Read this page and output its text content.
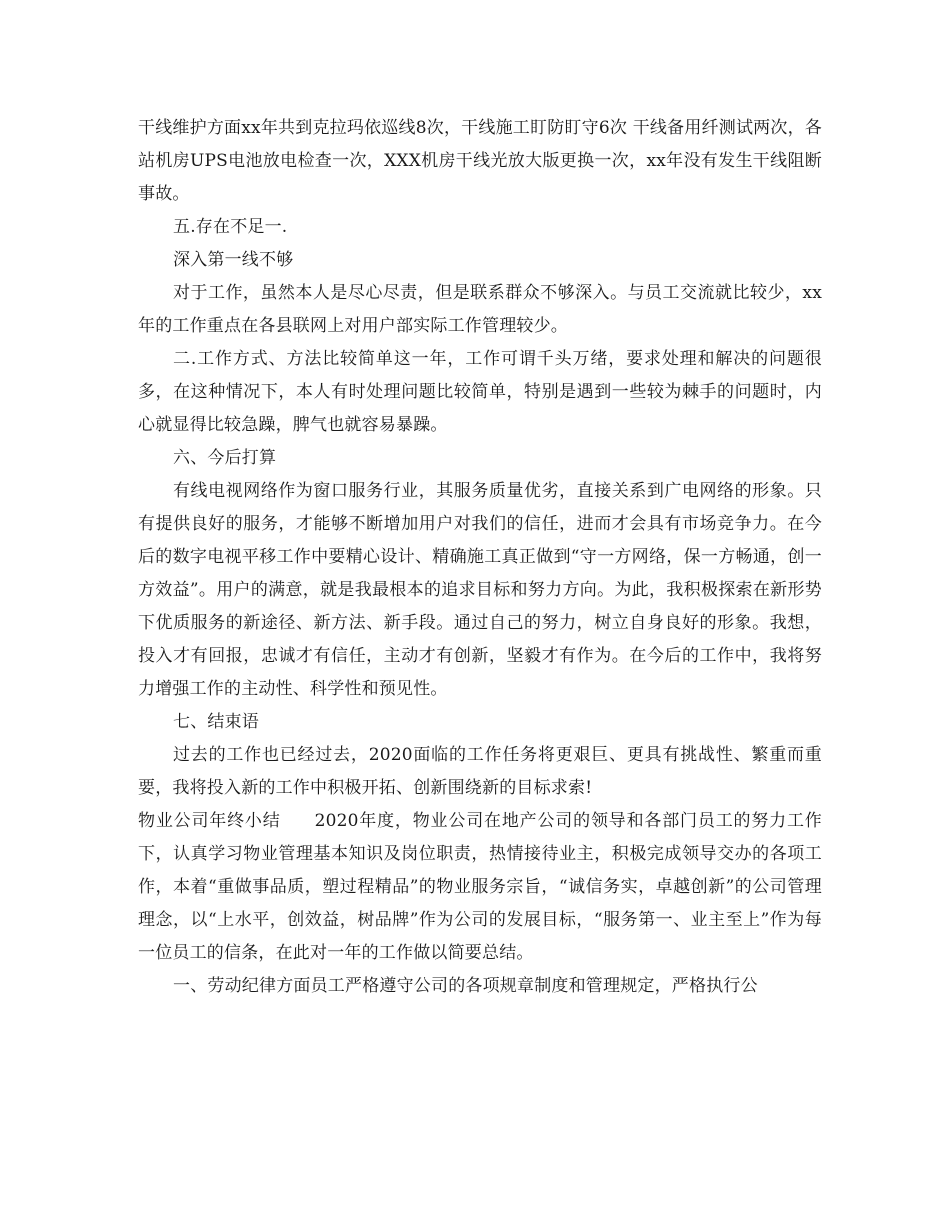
干线维护方面xx年共到克拉玛依巡线8次，干线施工盯防盯守6次 干线备用纤测试两次，各站机房UPS电池放电检查一次，XXX机房干线光放大版更换一次，xx年没有发生干线阻断事故。

五.存在不足一.

深入第一线不够

对于工作，虽然本人是尽心尽责，但是联系群众不够深入。与员工交流就比较少，xx年的工作重点在各县联网上对用户部实际工作管理较少。

二.工作方式、方法比较简单这一年，工作可谓千头万绪，要求处理和解决的问题很多，在这种情况下，本人有时处理问题比较简单，特别是遇到一些较为棘手的问题时，内心就显得比较急躁，脾气也就容易暴躁。

六、今后打算

有线电视网络作为窗口服务行业，其服务质量优劣，直接关系到广电网络的形象。只有提供良好的服务，才能够不断增加用户对我们的信任，进而才会具有市场竞争力。在今后的数字电视平移工作中要精心设计、精确施工真正做到“守一方网络，保一方畅通，创一方效益”。用户的满意，就是我最根本的追求目标和努力方向。为此，我积极探索在新形势下优质服务的新途径、新方法、新手段。通过自己的努力，树立自身良好的形象。我想，投入才有回报，忠诚才有信任，主动才有创新，坚毅才有作为。在今后的工作中，我将努力增强工作的主动性、科学性和预见性。

七、结束语

过去的工作也已经过去，2020面临的工作任务将更艰巨、更具有挑战性、繁重而重要，我将投入新的工作中积极开拓、创新围绕新的目标求索!

物业公司年终小结 2020年度，物业公司在地产公司的领导和各部门员工的努力工作下，认真学习物业管理基本知识及岗位职责，热情接待业主，积极完成领导交办的各项工作，本着“重做事品质，塑过程精品”的物业服务宗旨，“诚信务实，卓越创新”的公司管理理念，以“上水平，创效益，树品牌”作为公司的发展目标，“服务第一、业主至上”作为每一位员工的信条，在此对一年的工作做以简要总结。

一、劳动纪律方面员工严格遵守公司的各项规章制度和管理规定，严格执行公
